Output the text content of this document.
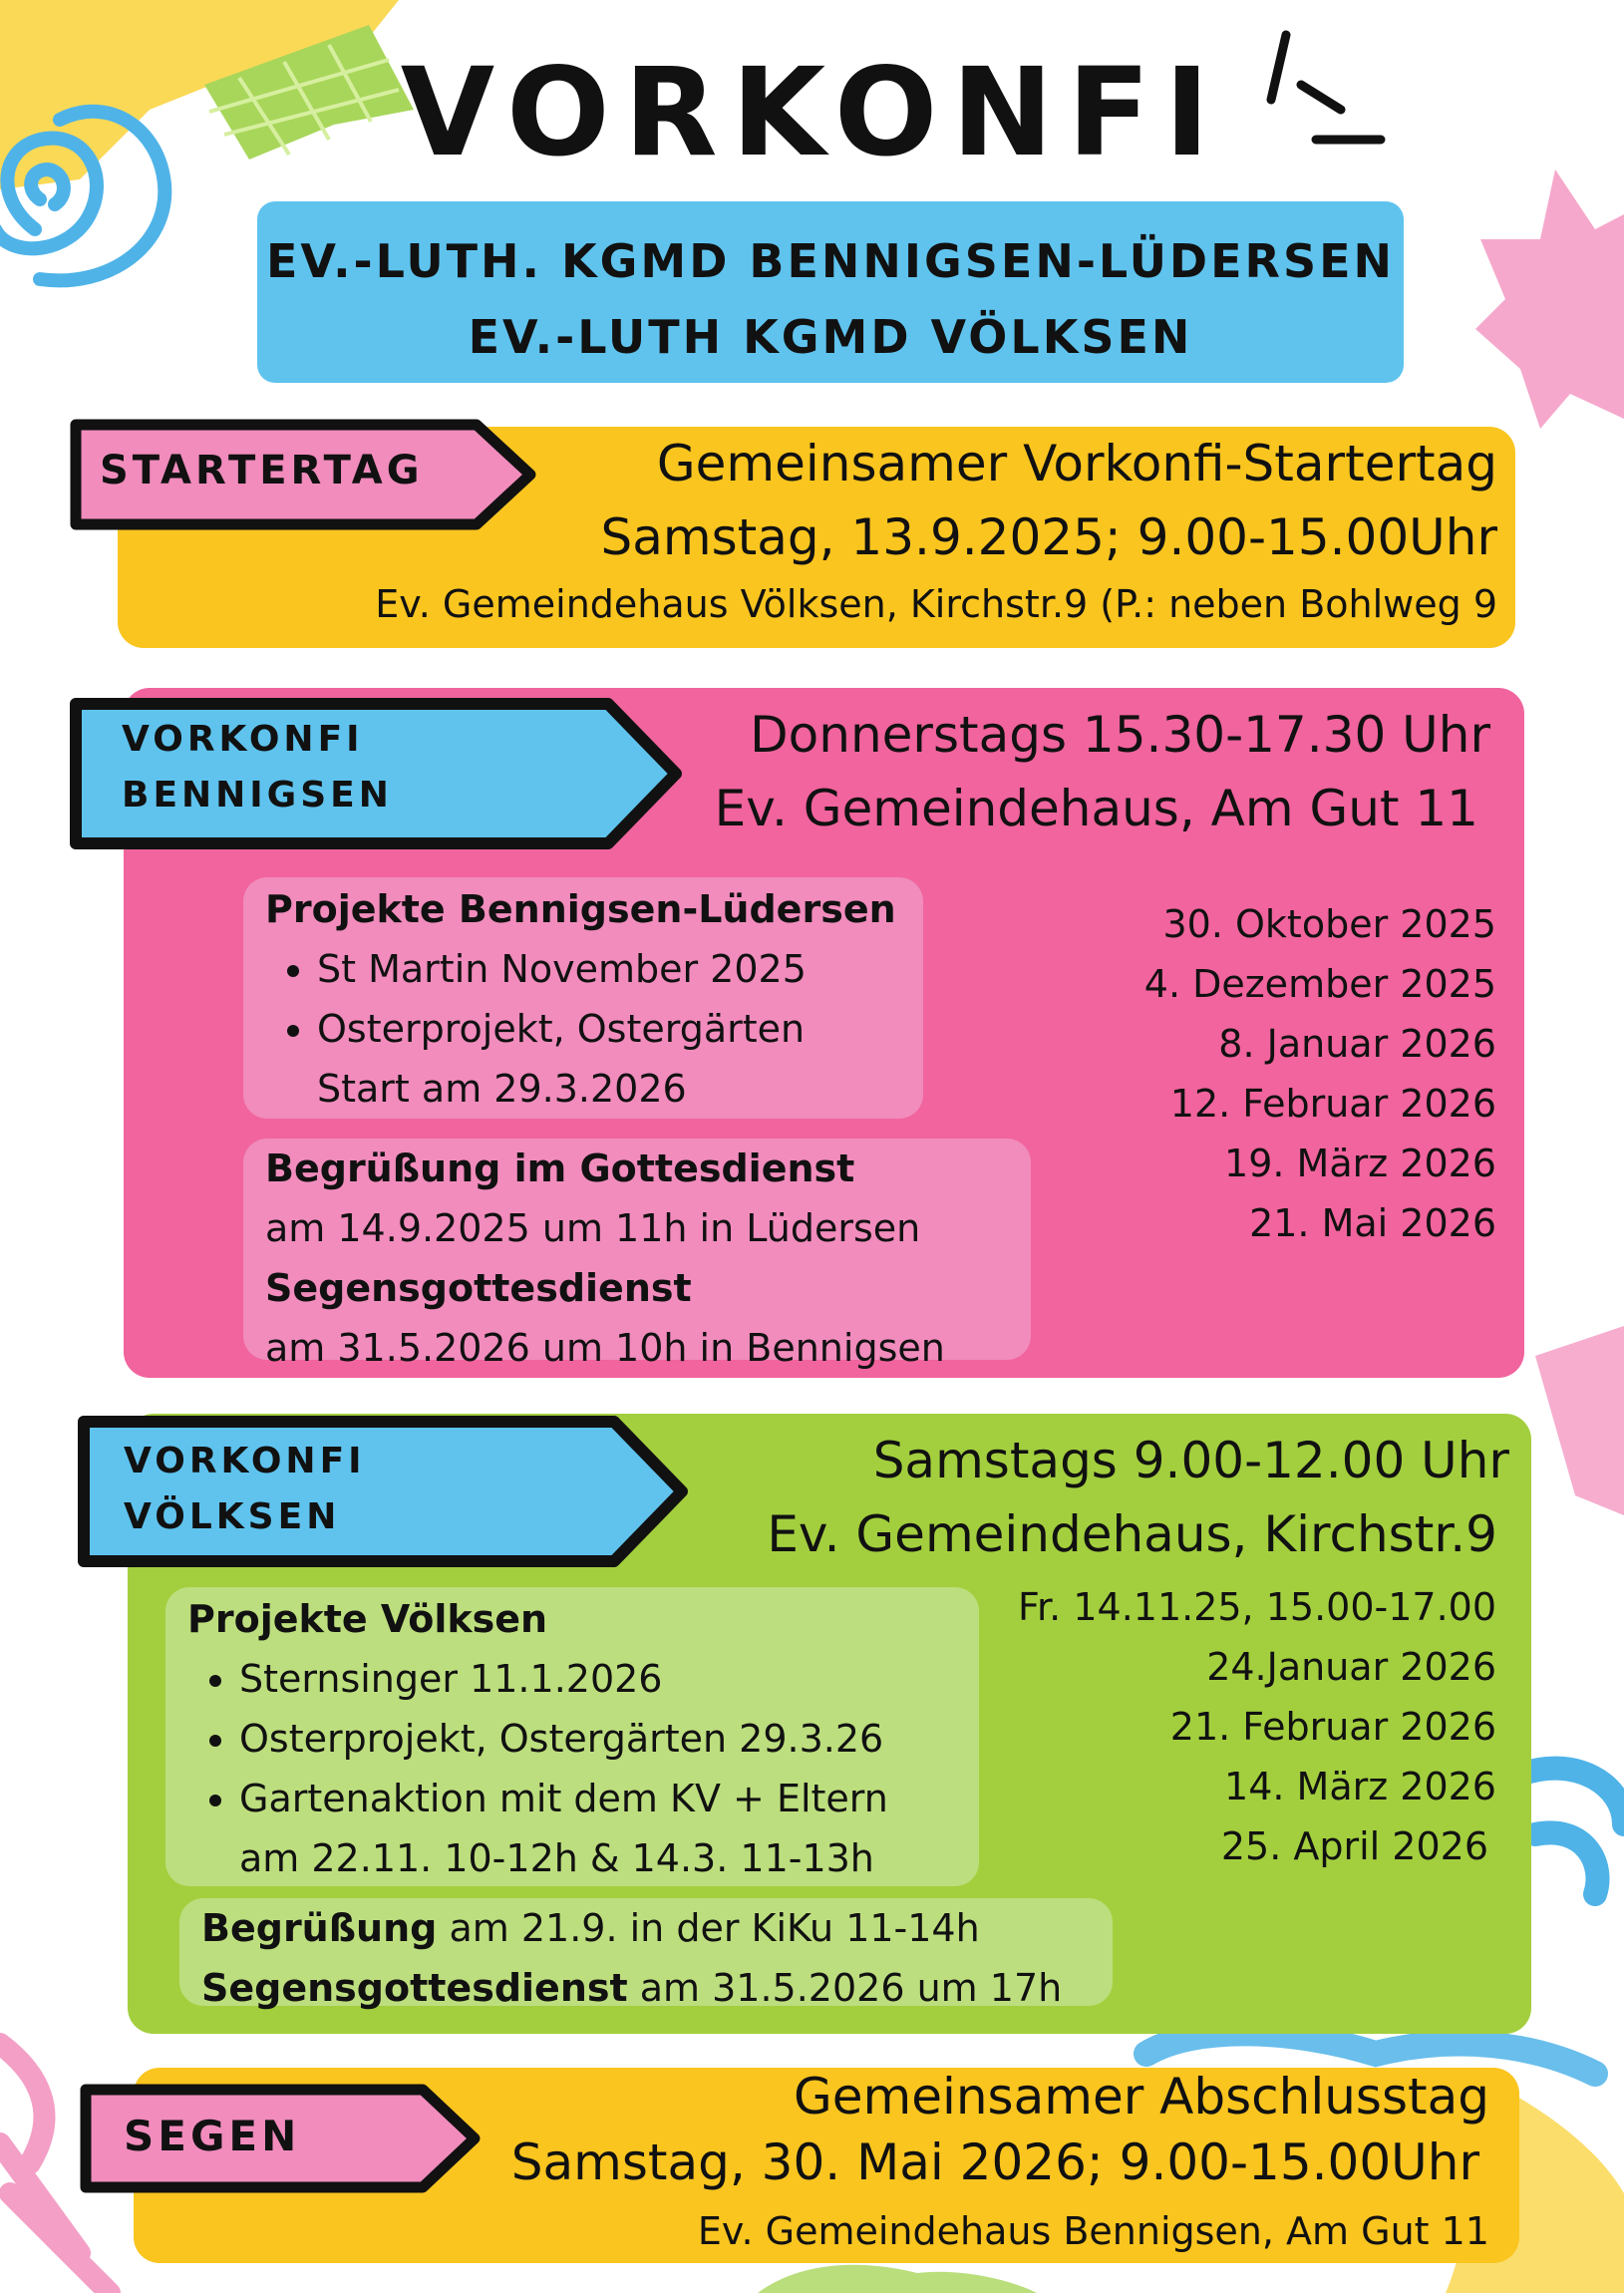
VORKONFI
EV.-LUTH. KGMD BENNIGSEN-LÜDERSEN
EV.-LUTH KGMD VÖLKSEN
Gemeinsamer Vorkonfi-Startertag
Samstag, 13.9.2025; 9.00-15.00Uhr
Ev. Gemeindehaus Völksen, Kirchstr.9 (P.: neben Bohlweg 9
STARTERTAG
Donnerstags 15.30-17.30 Uhr
Ev. Gemeindehaus, Am Gut 11
VORKONFI
BENNIGSEN
Projekte Bennigsen-Lüdersen
• St Martin November 2025
• Osterprojekt, Ostergärten
Start am 29.3.2026
Begrüßung im Gottesdienst
am 14.9.2025 um 11h in Lüdersen
Segensgottesdienst
am 31.5.2026 um 10h in Bennigsen
30. Oktober 2025
4. Dezember 2025
8. Januar 2026
12. Februar 2026
19. März 2026
21. Mai 2026
Samstags 9.00-12.00 Uhr
Ev. Gemeindehaus, Kirchstr.9
VORKONFI
VÖLKSEN
Projekte Völksen
• Sternsinger 11.1.2026
• Osterprojekt, Ostergärten 29.3.26
• Gartenaktion mit dem KV + Eltern
am 22.11. 10-12h & 14.3. 11-13h
Begrüßung am 21.9. in der KiKu 11-14h
Segensgottesdienst am 31.5.2026 um 17h
Fr. 14.11.25, 15.00-17.00
24.Januar 2026
21. Februar 2026
14. März 2026
25. April 2026
Gemeinsamer Abschlusstag
Samstag, 30. Mai 2026; 9.00-15.00Uhr
Ev. Gemeindehaus Bennigsen, Am Gut 11
SEGEN
